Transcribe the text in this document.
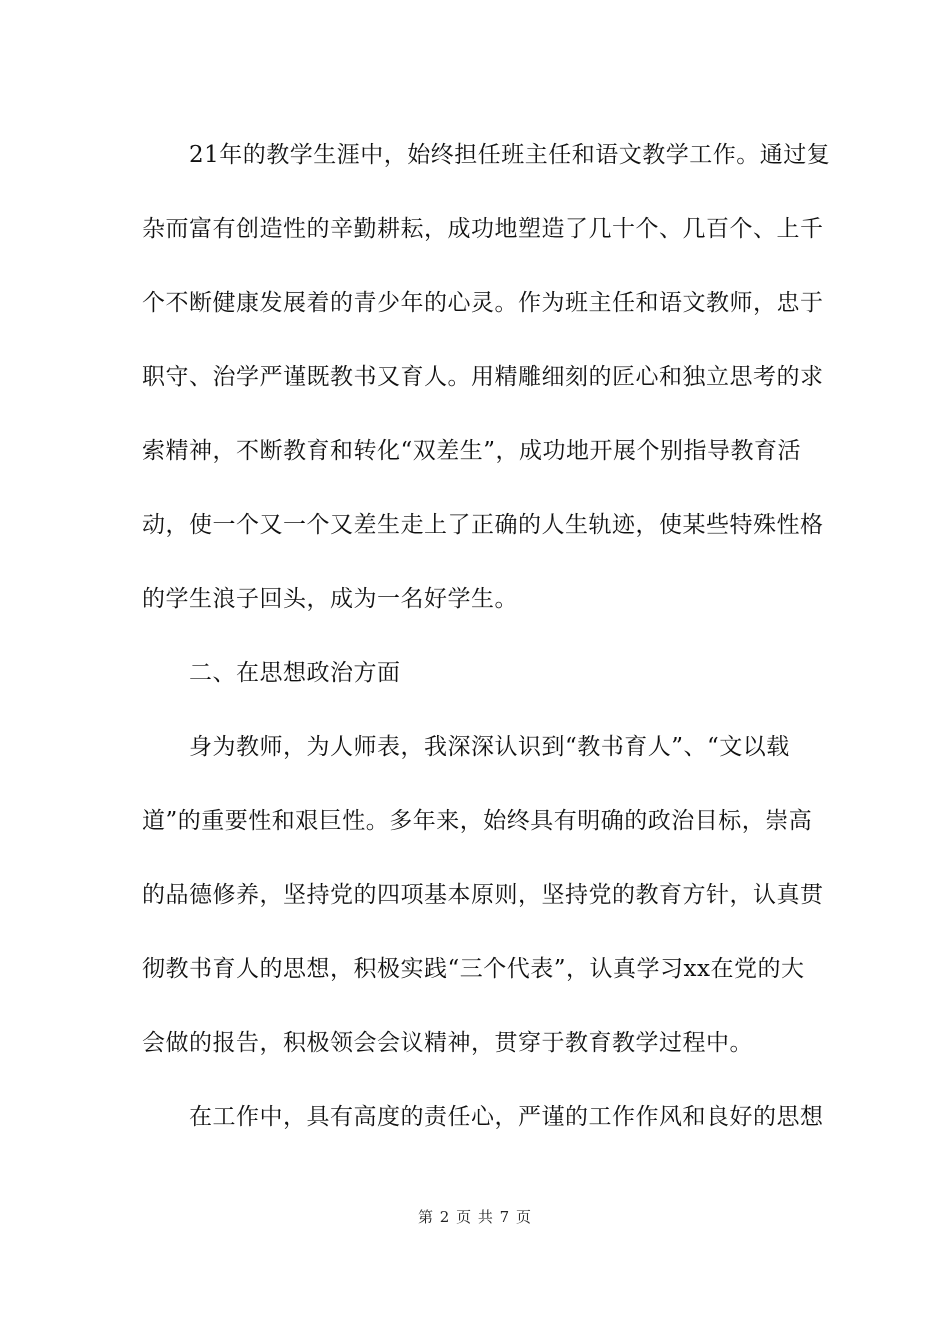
21年的教学生涯中，始终担任班主任和语文教学工作。通过复
杂而富有创造性的辛勤耕耘，成功地塑造了几十个、几百个、上千
个不断健康发展着的青少年的心灵。作为班主任和语文教师，忠于
职守、治学严谨既教书又育人。用精雕细刻的匠心和独立思考的求
索精神，不断教育和转化“双差生”，成功地开展个别指导教育活
动，使一个又一个又差生走上了正确的人生轨迹，使某些特殊性格
的学生浪子回头，成为一名好学生。
二、在思想政治方面
身为教师，为人师表，我深深认识到“教书育人”、“文以载
道”的重要性和艰巨性。多年来，始终具有明确的政治目标，崇高
的品德修养，坚持党的四项基本原则，坚持党的教育方针，认真贯
彻教书育人的思想，积极实践“三个代表”，认真学习xx在党的大
会做的报告，积极领会会议精神，贯穿于教育教学过程中。
在工作中，具有高度的责任心，严谨的工作作风和良好的思想
第 2 页 共 7 页
